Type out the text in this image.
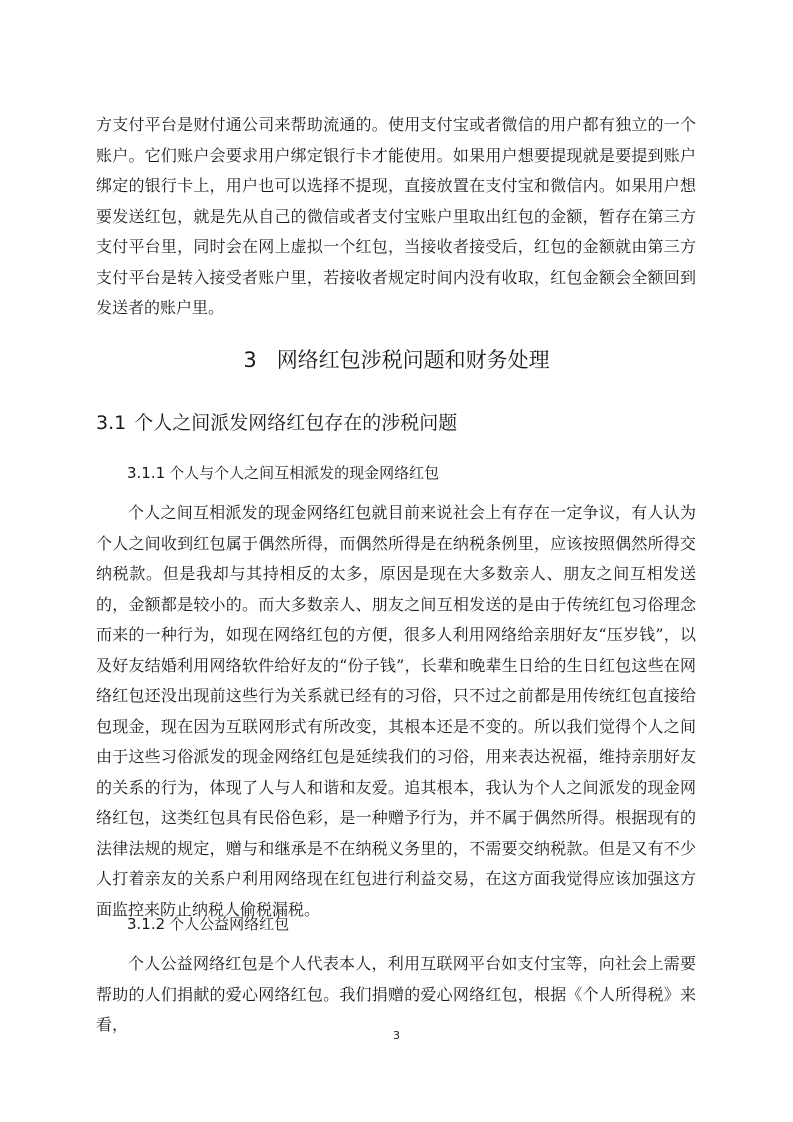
方支付平台是财付通公司来帮助流通的。使用支付宝或者微信的用户都有独立的一个账户。它们账户会要求用户绑定银行卡才能使用。如果用户想要提现就是要提到账户绑定的银行卡上，用户也可以选择不提现，直接放置在支付宝和微信内。如果用户想要发送红包，就是先从自己的微信或者支付宝账户里取出红包的金额，暂存在第三方支付平台里，同时会在网上虚拟一个红包，当接收者接受后，红包的金额就由第三方支付平台是转入接受者账户里，若接收者规定时间内没有收取，红包金额会全额回到发送者的账户里。

3 网络红包涉税问题和财务处理
3.1 个人之间派发网络红包存在的涉税问题
3.1.1 个人与个人之间互相派发的现金网络红包

个人之间互相派发的现金网络红包就目前来说社会上有存在一定争议，有人认为个人之间收到红包属于偶然所得，而偶然所得是在纳税条例里，应该按照偶然所得交纳税款。但是我却与其持相反的太多，原因是现在大多数亲人、朋友之间互相发送的，金额都是较小的。而大多数亲人、朋友之间互相发送的是由于传统红包习俗理念而来的一种行为，如现在网络红包的方便，很多人利用网络给亲朋好友“压岁钱”，以及好友结婚利用网络软件给好友的“份子钱”，长辈和晚辈生日给的生日红包这些在网络红包还没出现前这些行为关系就已经有的习俗，只不过之前都是用传统红包直接给包现金，现在因为互联网形式有所改变，其根本还是不变的。所以我们觉得个人之间由于这些习俗派发的现金网络红包是延续我们的习俗，用来表达祝福，维持亲朋好友的关系的行为，体现了人与人和谐和友爱。追其根本，我认为个人之间派发的现金网络红包，这类红包具有民俗色彩，是一种赠予行为，并不属于偶然所得。根据现有的法律法规的规定，赠与和继承是不在纳税义务里的，不需要交纳税款。但是又有不少人打着亲友的关系户利用网络现在红包进行利益交易，在这方面我觉得应该加强这方面监控来防止纳税人偷税漏税。

3.1.2 个人公益网络红包

个人公益网络红包是个人代表本人，利用互联网平台如支付宝等，向社会上需要帮助的人们捐献的爱心网络红包。我们捐赠的爱心网络红包，根据《个人所得税》来看，

3
